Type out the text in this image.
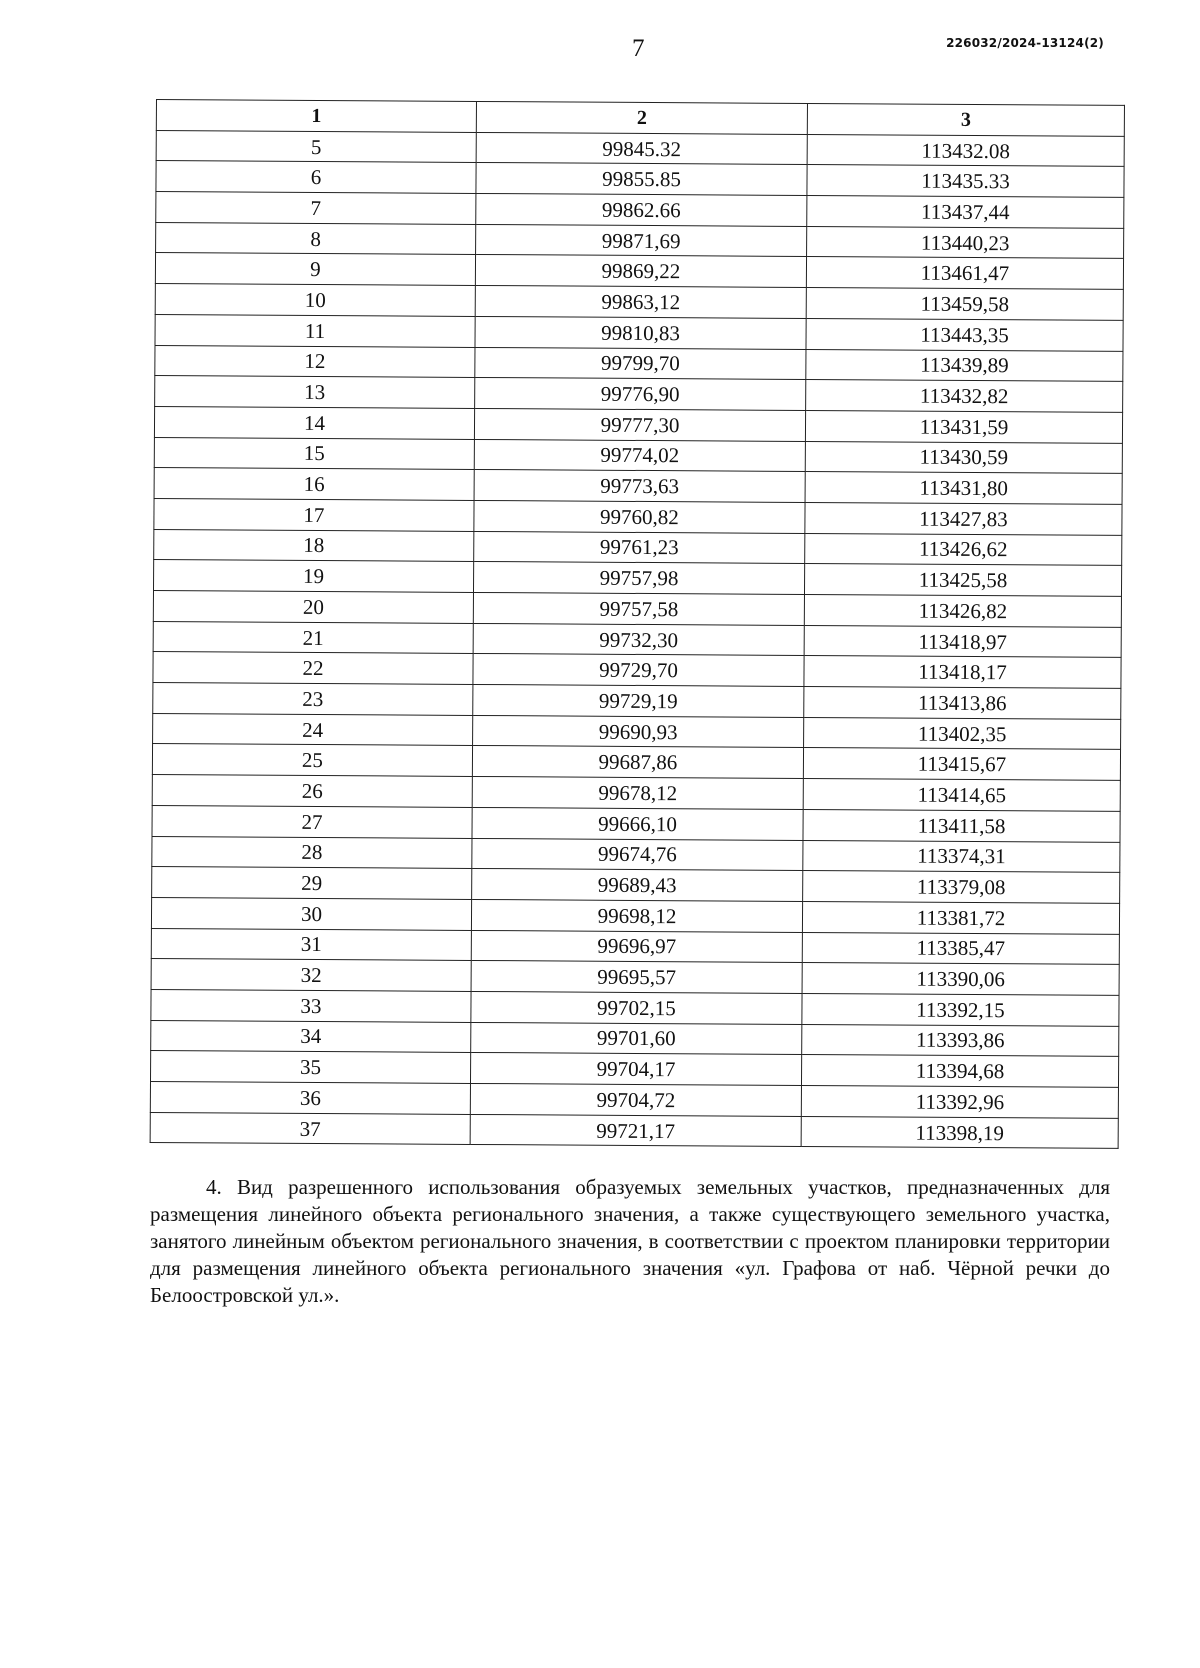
7	226032/2024-13124(2)
1	2	3
5	99845.32	113432.08
6	99855.85	113435.33
7	99862.66	113437,44
8	99871,69	113440,23
9	99869,22	113461,47
10	99863,12	113459,58
11	99810,83	113443,35
12	99799,70	113439,89
13	99776,90	113432,82
14	99777,30	113431,59
15	99774,02	113430,59
16	99773,63	113431,80
17	99760,82	113427,83
18	99761,23	113426,62
19	99757,98	113425,58
20	99757,58	113426,82
21	99732,30	113418,97
22	99729,70	113418,17
23	99729,19	113413,86
24	99690,93	113402,35
25	99687,86	113415,67
26	99678,12	113414,65
27	99666,10	113411,58
28	99674,76	113374,31
29	99689,43	113379,08
30	99698,12	113381,72
31	99696,97	113385,47
32	99695,57	113390,06
33	99702,15	113392,15
34	99701,60	113393,86
35	99704,17	113394,68
36	99704,72	113392,96
37	99721,17	113398,19

4. Вид разрешенного использования образуемых земельных участков, предназначенных для размещения линейного объекта регионального значения, а также существующего земельного участка, занятого линейным объектом регионального значения, в соответствии с проектом планировки территории для размещения линейного объекта регионального значения «ул. Графова от наб. Чёрной речки до Белоостровской ул.».
